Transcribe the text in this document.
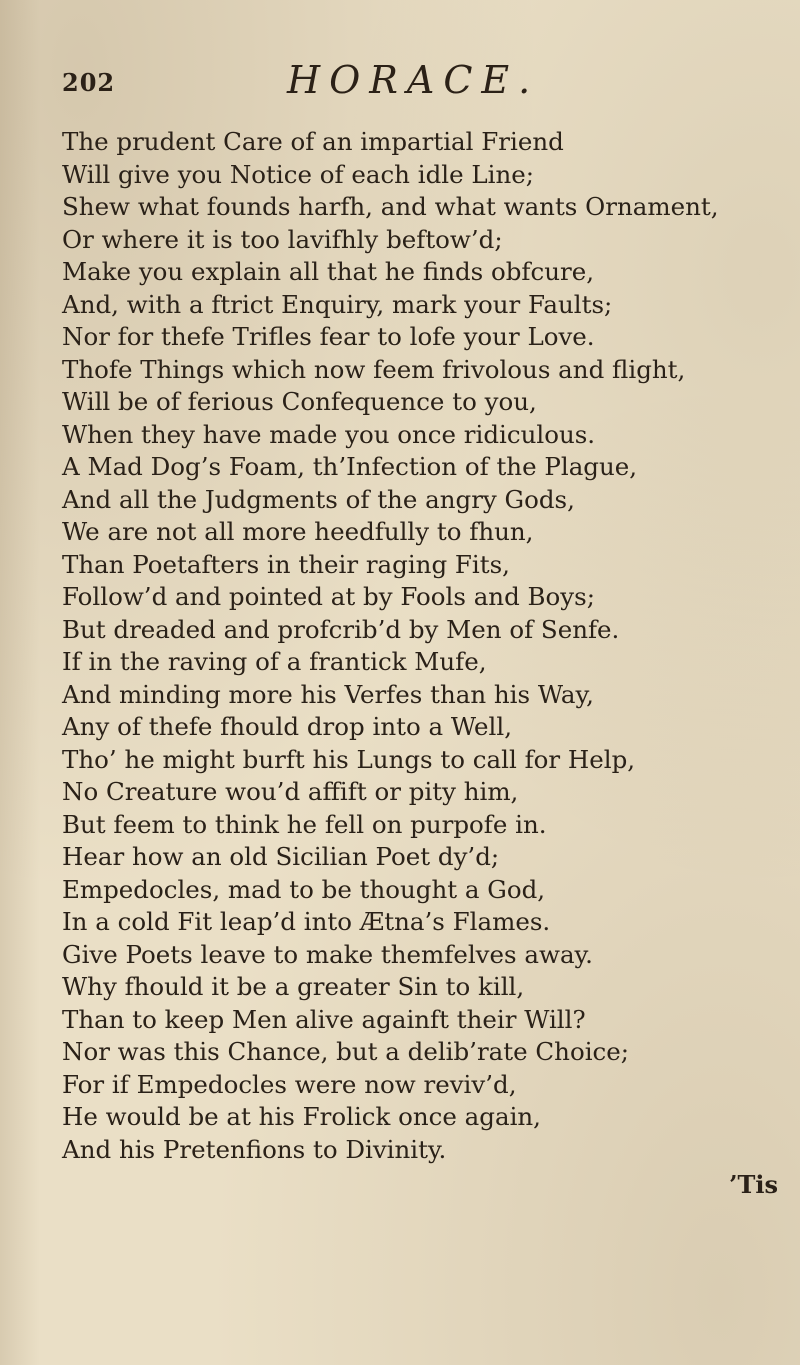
202	HORACE.
The prudent Care of an impartial Friend
Will give you Notice of each idle Line;
Shew what founds harfh, and what wants Ornament,
Or where it is too lavifhly beftow’d;
Make you explain all that he finds obfcure,
And, with a ftrict Enquiry, mark your Faults;
Nor for thefe Trifles fear to lofe your Love.
Thofe Things which now feem frivolous and flight,
Will be of ferious Confequence to you,
When they have made you once ridiculous.
A Mad Dog’s Foam, th’Infection of the Plague,
And all the Judgments of the angry Gods,
We are not all more heedfully to fhun,
Than Poetafters in their raging Fits,
Follow’d and pointed at by Fools and Boys;
But dreaded and profcrib’d by Men of Senfe.
If in the raving of a frantick Mufe,
And minding more his Verfes than his Way,
Any of thefe fhould drop into a Well,
Tho’ he might burft his Lungs to call for Help,
No Creature wou’d affift or pity him,
But feem to think he fell on purpofe in.
Hear how an old Sicilian Poet dy’d;
Empedocles, mad to be thought a God,
In a cold Fit leap’d into Ætna’s Flames.
Give Poets leave to make themfelves away.
Why fhould it be a greater Sin to kill,
Than to keep Men alive againft their Will?
Nor was this Chance, but a delib’rate Choice;
For if Empedocles were now reviv’d,
He would be at his Frolick once again,
And his Pretenfions to Divinity.
’Tis
